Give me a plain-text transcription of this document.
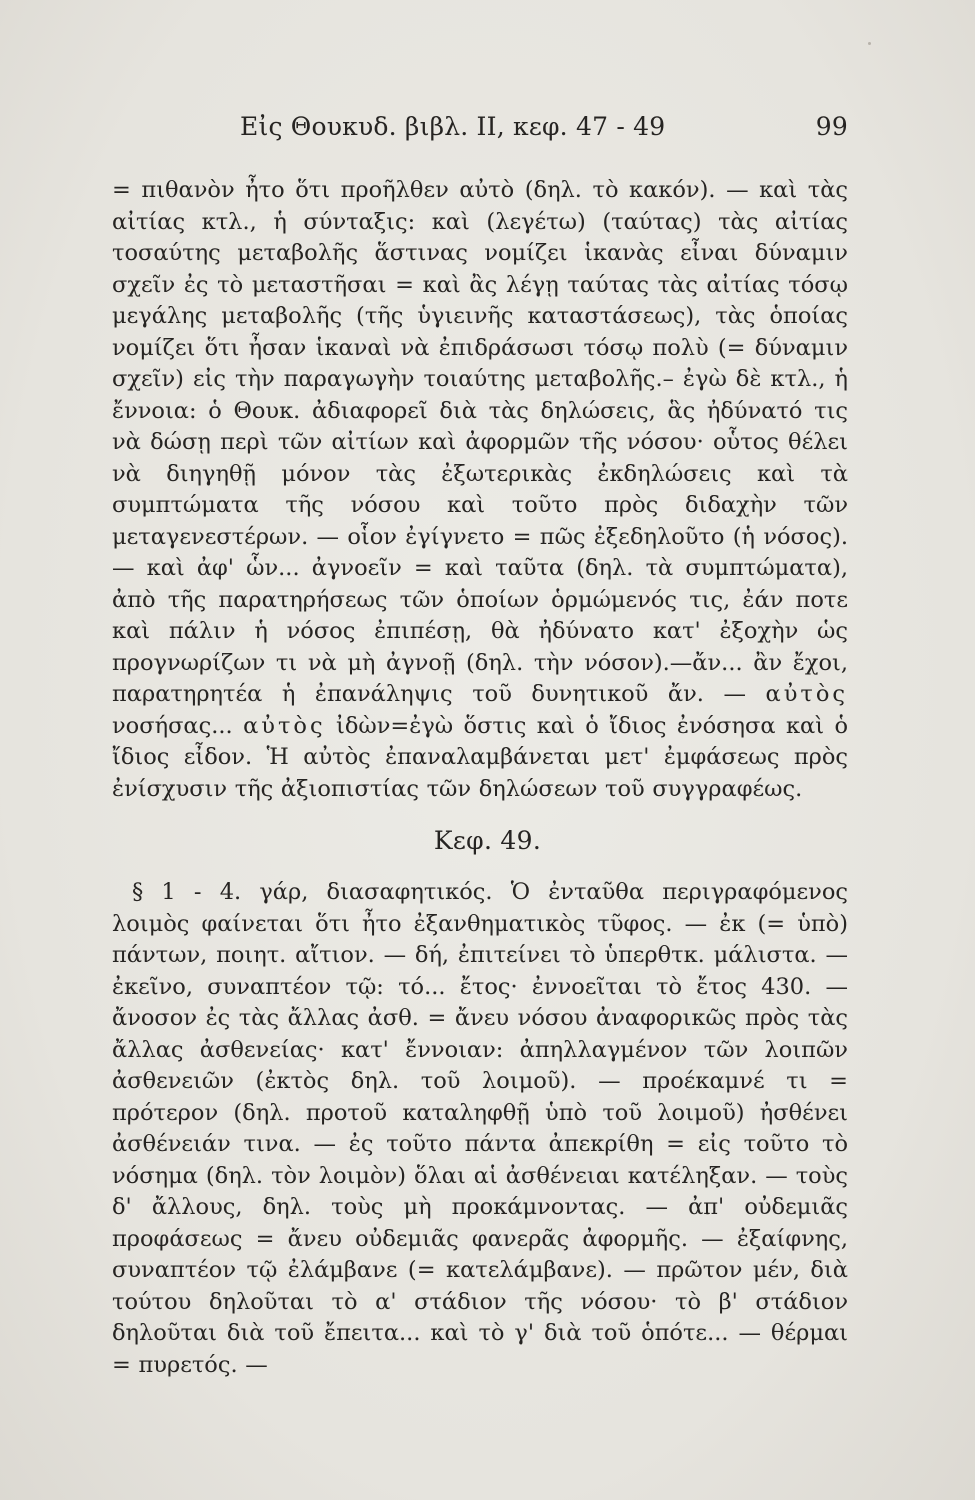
Εἰς Θουκυδ. βιβλ. II, κεφ. 47 - 49	99

= πιθανὸν ἦτο ὅτι προῆλθεν αὐτὸ (δηλ. τὸ κακόν). — καὶ τὰς αἰτίας κτλ., ἡ σύνταξις: καὶ (λεγέτω) (ταύτας) τὰς αἰτίας τοσαύτης μεταβολῆς ἅστινας νομίζει ἱκανὰς εἶναι δύναμιν σχεῖν ἐς τὸ μεταστῆσαι = καὶ ἂς λέγῃ ταύτας τὰς αἰτίας τόσῳ μεγάλης μεταβολῆς (τῆς ὑγιεινῆς καταστάσεως), τὰς ὁποίας νομίζει ὅτι ἦσαν ἱκαναὶ νὰ ἐπιδράσωσι τόσῳ πολὺ (= δύναμιν σχεῖν) εἰς τὴν παραγωγὴν τοιαύτης μεταβολῆς.– ἐγὼ δὲ κτλ., ἡ ἔννοια: ὁ Θουκ. ἀδιαφορεῖ διὰ τὰς δηλώσεις, ἃς ἠδύνατό τις νὰ δώσῃ περὶ τῶν αἰτίων καὶ ἀφορμῶν τῆς νόσου· οὗτος θέλει νὰ διηγηθῇ μόνον τὰς ἐξωτερικὰς ἐκδηλώσεις καὶ τὰ συμπτώματα τῆς νόσου καὶ τοῦτο πρὸς διδαχὴν τῶν μεταγενεστέρων. — οἷον ἐγίγνετο = πῶς ἐξεδηλοῦτο (ἡ νόσος). — καὶ ἀφ' ὧν... ἀγνοεῖν = καὶ ταῦτα (δηλ. τὰ συμπτώματα), ἀπὸ τῆς παρατηρήσεως τῶν ὁποίων ὁρμώμενός τις, ἐάν ποτε καὶ πάλιν ἡ νόσος ἐπιπέσῃ, θὰ ἠδύνατο κατ' ἐξοχὴν ὡς προγνωρίζων τι νὰ μὴ ἀγνοῇ (δηλ. τὴν νόσον).—ἄν... ἂν ἔχοι, παρατηρητέα ἡ ἐπανάληψις τοῦ δυνητικοῦ ἄν. — αὐτὸς νοσήσας... αὐτὸς ἰδὼν=ἐγὼ ὅστις καὶ ὁ ἴδιος ἐνόσησα καὶ ὁ ἴδιος εἶδον. Ἡ αὐτὸς ἐπαναλαμβάνεται μετ' ἐμφάσεως πρὸς ἐνίσχυσιν τῆς ἀξιοπιστίας τῶν δηλώσεων τοῦ συγγραφέως.

Κεφ. 49.

§ 1 - 4. γάρ, διασαφητικός. Ὁ ἐνταῦθα περιγραφόμενος λοιμὸς φαίνεται ὅτι ἦτο ἐξανθηματικὸς τῦφος. — ἐκ (= ὑπὸ) πάντων, ποιητ. αἴτιον. — δή, ἐπιτείνει τὸ ὑπερθτκ. μάλιστα. — ἐκεῖνο, συναπτέον τῷ: τό... ἔτος· ἐννοεῖται τὸ ἔτος 430. — ἄνοσον ἐς τὰς ἄλλας ἀσθ. = ἄνευ νόσου ἀναφορικῶς πρὸς τὰς ἄλλας ἀσθενείας· κατ' ἔννοιαν: ἀπηλλαγμένον τῶν λοιπῶν ἀσθενειῶν (ἐκτὸς δηλ. τοῦ λοιμοῦ). — προέκαμνέ τι = πρότερον (δηλ. προτοῦ καταληφθῇ ὑπὸ τοῦ λοιμοῦ) ἠσθένει ἀσθένειάν τινα. — ἐς τοῦτο πάντα ἀπεκρίθη = εἰς τοῦτο τὸ νόσημα (δηλ. τὸν λοιμὸν) ὅλαι αἱ ἀσθένειαι κατέληξαν. — τοὺς δ' ἄλλους, δηλ. τοὺς μὴ προκάμνοντας. — ἀπ' οὐδεμιᾶς προφάσεως = ἄνευ οὐδεμιᾶς φανερᾶς ἀφορμῆς. — ἐξαίφνης, συναπτέον τῷ ἐλάμβανε (= κατελάμβανε). — πρῶτον μέν, διὰ τούτου δηλοῦται τὸ α' στάδιον τῆς νόσου· τὸ β' στάδιον δηλοῦται διὰ τοῦ ἔπειτα... καὶ τὸ γ' διὰ τοῦ ὁπότε... — θέρμαι = πυρετός. —
